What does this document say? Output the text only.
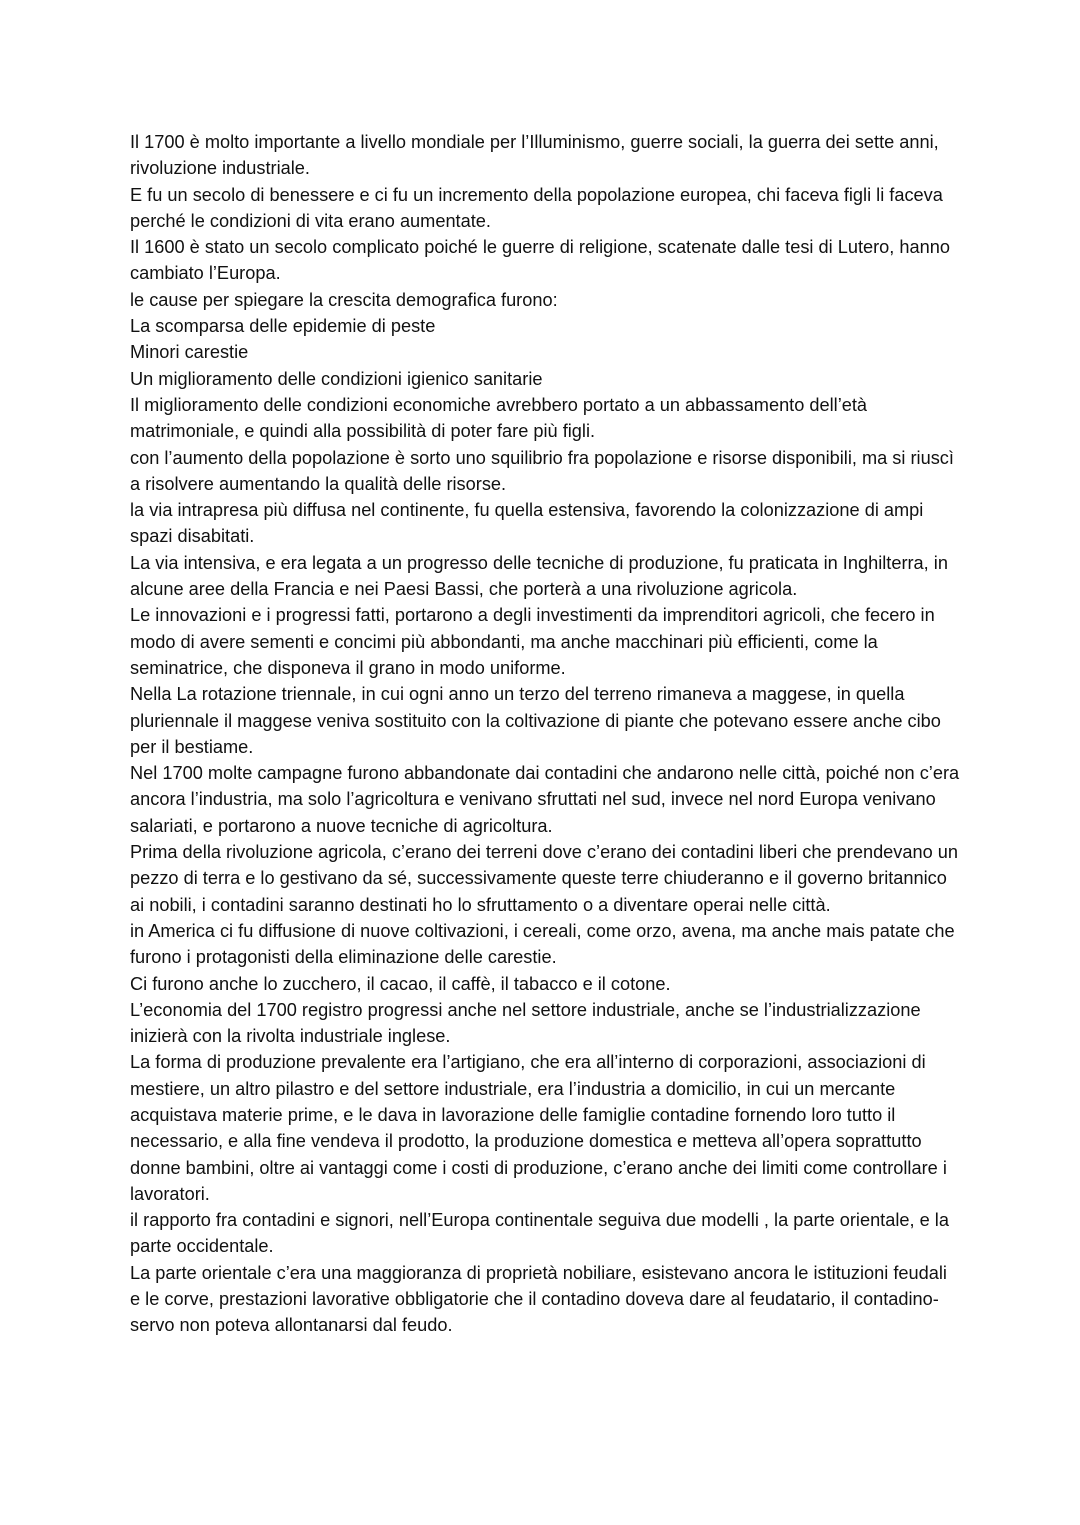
Il 1700 è molto importante a livello mondiale per l’Illuminismo, guerre sociali, la guerra dei sette anni, rivoluzione industriale.

E fu un secolo di benessere e ci fu un incremento della popolazione europea, chi faceva figli li faceva perché le condizioni di vita erano aumentate.

Il 1600 è stato un secolo complicato poiché le guerre di religione, scatenate dalle tesi di Lutero, hanno cambiato l’Europa.

le cause per spiegare la crescita demografica furono:

La scomparsa delle epidemie di peste

Minori carestie

Un miglioramento delle condizioni igienico sanitarie

Il miglioramento delle condizioni economiche avrebbero portato a un abbassamento dell’età matrimoniale, e quindi alla possibilità di poter fare più figli.

con l’aumento della popolazione è sorto uno squilibrio fra popolazione e risorse disponibili, ma si riuscì a risolvere aumentando la qualità delle risorse.

la via intrapresa più diffusa nel continente, fu quella estensiva, favorendo la colonizzazione di ampi spazi disabitati.

La via intensiva, e era legata a un progresso delle tecniche di produzione, fu praticata in Inghilterra, in alcune aree della Francia e nei Paesi Bassi, che porterà a una rivoluzione agricola.

Le innovazioni e i progressi fatti, portarono a degli investimenti da imprenditori agricoli, che fecero in modo di avere sementi e concimi più abbondanti, ma anche macchinari più efficienti, come la seminatrice, che disponeva il grano in modo uniforme.

Nella La rotazione triennale, in cui ogni anno un terzo del terreno rimaneva a maggese, in quella pluriennale il maggese veniva sostituito con la coltivazione di piante che potevano essere anche cibo per il bestiame.

Nel 1700 molte campagne furono abbandonate dai contadini che andarono nelle città, poiché non c’era ancora l’industria, ma solo l’agricoltura e venivano sfruttati nel sud, invece nel nord Europa venivano salariati, e portarono a nuove tecniche di agricoltura.

Prima della rivoluzione agricola, c’erano dei terreni dove c’erano dei contadini liberi che prendevano un pezzo di terra e lo gestivano da sé, successivamente queste terre chiuderanno e il governo britannico ai nobili, i contadini saranno destinati ho lo sfruttamento o a diventare operai nelle città.

in America ci fu diffusione di nuove coltivazioni, i cereali, come orzo, avena, ma anche mais patate che furono i protagonisti della eliminazione delle carestie.

Ci furono anche lo zucchero, il cacao, il caffè, il tabacco e il cotone.

L’economia del 1700 registro progressi anche nel settore industriale, anche se l’industrializzazione inizierà con la rivolta industriale inglese.

La forma di produzione prevalente era l’artigiano, che era all’interno di corporazioni, associazioni di mestiere, un altro pilastro e del settore industriale, era l’industria a domicilio, in cui un mercante acquistava materie prime, e le dava in lavorazione delle famiglie contadine fornendo loro tutto il necessario, e alla fine vendeva il prodotto, la produzione domestica e metteva all’opera soprattutto donne bambini, oltre ai vantaggi come i costi di produzione, c’erano anche dei limiti come controllare i lavoratori.

il rapporto fra contadini e signori, nell’Europa continentale seguiva due modelli , la parte orientale, e la parte occidentale.

La parte orientale c’era una maggioranza di proprietà nobiliare, esistevano ancora le istituzioni feudali e le corve, prestazioni lavorative obbligatorie che il contadino doveva dare al feudatario, il contadino-servo non poteva allontanarsi dal feudo.
